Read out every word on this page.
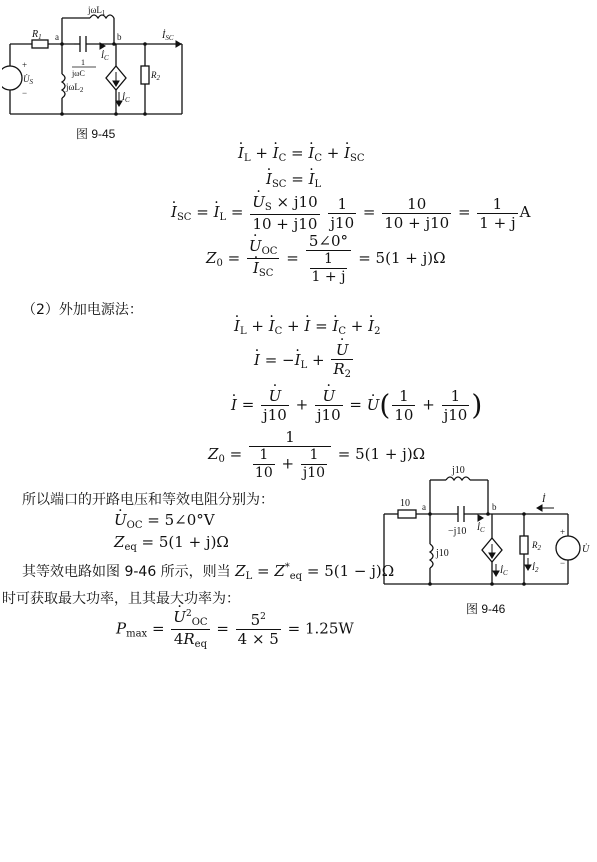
$R_1$ a	b
jωL$_1$
1
jωC
$İ_C$
$İ_{SC}$
$U̇_S$
+
−
jωL$_2$
$İ_C$
$R_2$
图 9-45
· $I_L$ + · $I_C$ = · $I_C$ + · $I_{SC}$
· $I_{SC}$ = · $I_L$
· $I_{SC}$ = · $I_L$ = · $\frac{U_S \times j10}{10 + j10}$
$\frac{1}{j10} = \frac{10}{10 + j10} = \frac{1}{1 + j}$ A
$Z_0$ = · $U_{OC}$
· $I_{SC} = \frac{5\angle 0^\circ}{\frac{1}{1 + j}} = 5(1 + j)\Omega$
（2）外加电源法：
· $I_L$ + · $I_C$ + · I = · $I_C$ + · $I_2$
· I = −· $I_L$ + · $\frac{U}{R_2}$
· I = · $\frac{U}{j10}$ + · $\frac{U}{j10}$ = · $U( \frac{1}{10} + \frac{1}{j10}$ )
$Z_0 = \frac{1}{\frac{1}{10} + \frac{1}{j10}} = 5(1 + j)\Omega$
所以端口的开路电压和等效电阻分别为：
· $U_{OC}$ = 5∠0°V
$Z_{eq} = 5(1 + j)\Omega$
其等效电路如图 9-46 所示，则当 $Z_L = Z^*_{eq} = 5(1 - j)\Omega$
时可获取最大功率，且其最大功率为：
$P_{max}$ = · $\frac{U^2_{OC}}{4R_{eq}} = \frac{5^2}{4 \times 5} = 1.25W$
j10
10 a	b
−j10 $İ_C$
İ
j10
$İ_C$
$R_2$
$İ_2$
U̇
+
−
图 9-46
